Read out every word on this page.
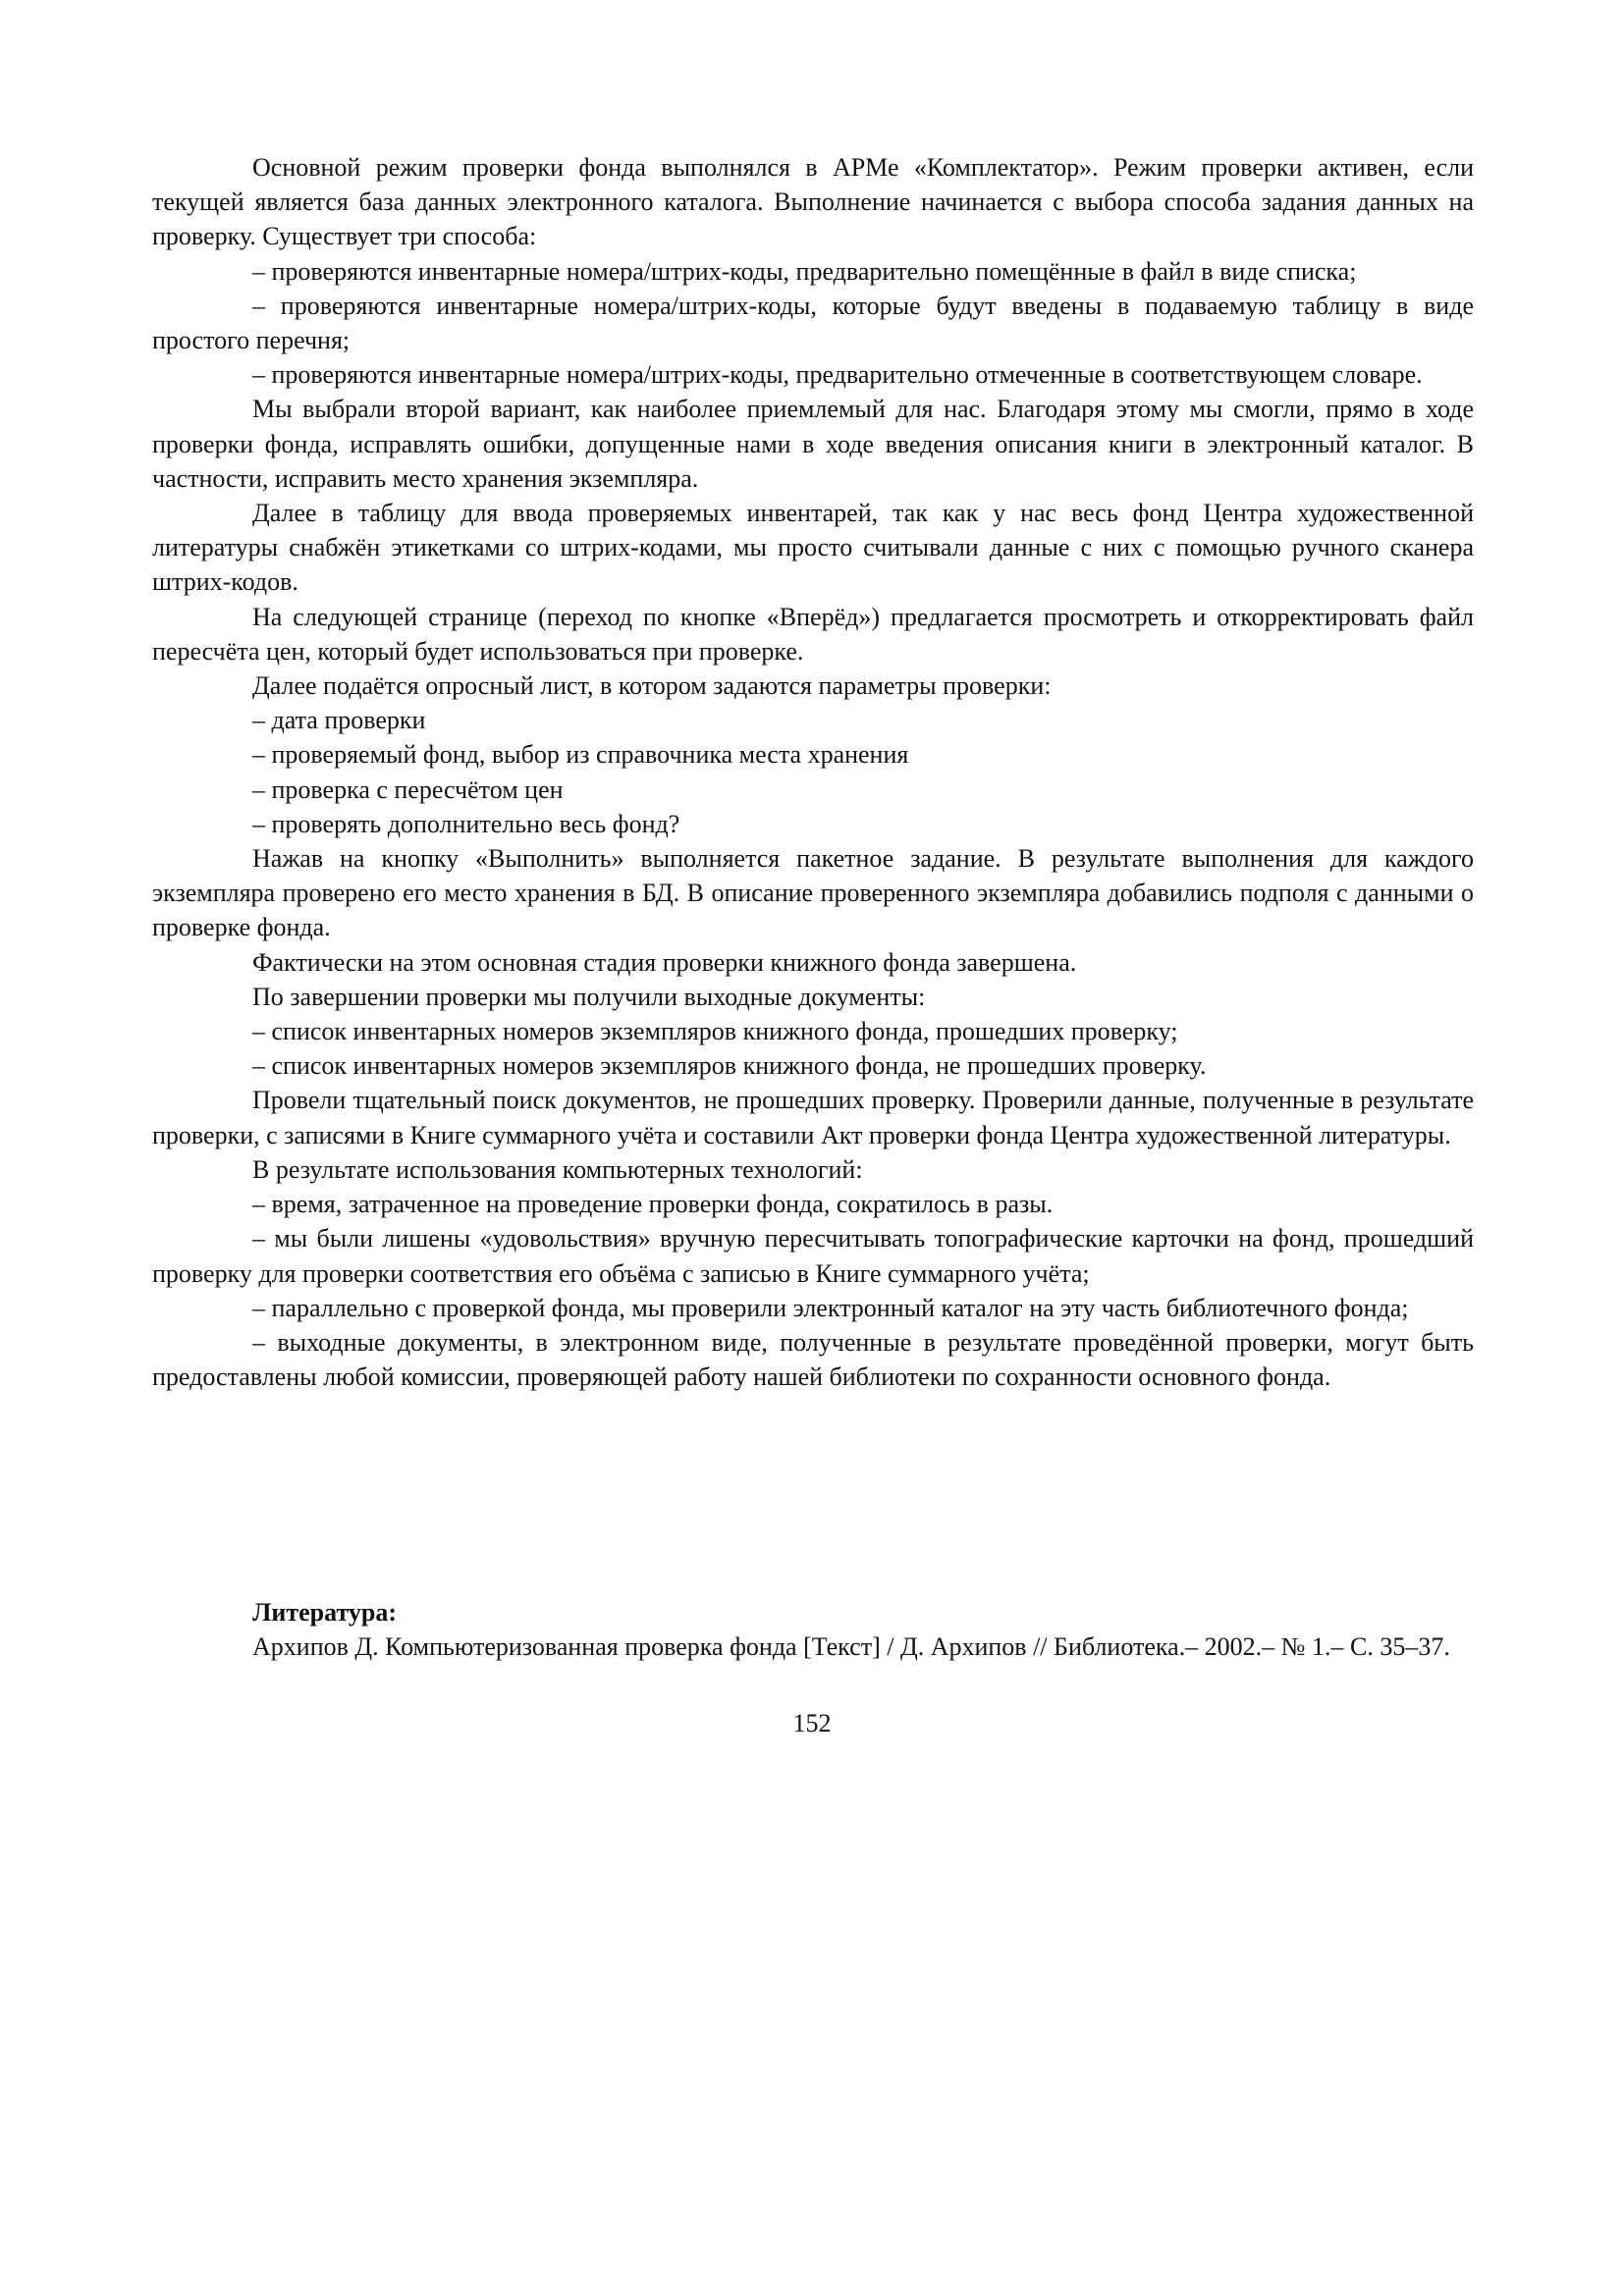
Основной режим проверки фонда выполнялся в АРМе «Комплектатор». Режим проверки активен, если текущей является база данных электронного каталога. Выполнение начинается с выбора способа задания данных на проверку. Существует три способа:

– проверяются инвентарные номера/штрих-коды, предварительно помещённые в файл в виде списка;

– проверяются инвентарные номера/штрих-коды, которые будут введены в подаваемую таблицу в виде простого перечня;

– проверяются инвентарные номера/штрих-коды, предварительно отмеченные в соответствующем словаре.

Мы выбрали второй вариант, как наиболее приемлемый для нас. Благодаря этому мы смогли, прямо в ходе проверки фонда, исправлять ошибки, допущенные нами в ходе введения описания книги в электронный каталог. В частности, исправить место хранения экземпляра.

Далее в таблицу для ввода проверяемых инвентарей, так как у нас весь фонд Центра художественной литературы снабжён этикетками со штрих-кодами, мы просто считывали данные с них с помощью ручного сканера штрих-кодов.

На следующей странице (переход по кнопке «Вперёд») предлагается просмотреть и откорректировать файл пересчёта цен, который будет использоваться при проверке.

Далее подаётся опросный лист, в котором задаются параметры проверки:

– дата проверки

– проверяемый фонд, выбор из справочника места хранения

– проверка с пересчётом цен

– проверять дополнительно весь фонд?

Нажав на кнопку «Выполнить» выполняется пакетное задание. В результате выполнения для каждого экземпляра проверено его место хранения в БД. В описание проверенного экземпляра добавились подполя с данными о проверке фонда.

Фактически на этом основная стадия проверки книжного фонда завершена.

По завершении проверки мы получили выходные документы:

– список инвентарных номеров экземпляров книжного фонда, прошедших проверку;

– список инвентарных номеров экземпляров книжного фонда, не прошедших проверку.

Провели тщательный поиск документов, не прошедших проверку. Проверили данные, полученные в результате проверки, с записями в Книге суммарного учёта и составили Акт проверки фонда Центра художественной литературы.

В результате использования компьютерных технологий:

– время, затраченное на проведение проверки фонда, сократилось в разы.

– мы были лишены «удовольствия» вручную пересчитывать топографические карточки на фонд, прошедший проверку для проверки соответствия его объёма с записью в Книге суммарного учёта;

– параллельно с проверкой фонда, мы проверили электронный каталог на эту часть библиотечного фонда;

– выходные документы, в электронном виде, полученные в результате проведённой проверки, могут быть предоставлены любой комиссии, проверяющей работу нашей библиотеки по сохранности основного фонда.

Литература:

Архипов Д. Компьютеризованная проверка фонда [Текст] / Д. Архипов // Библиотека.– 2002.– № 1.– С. 35–37.

152
